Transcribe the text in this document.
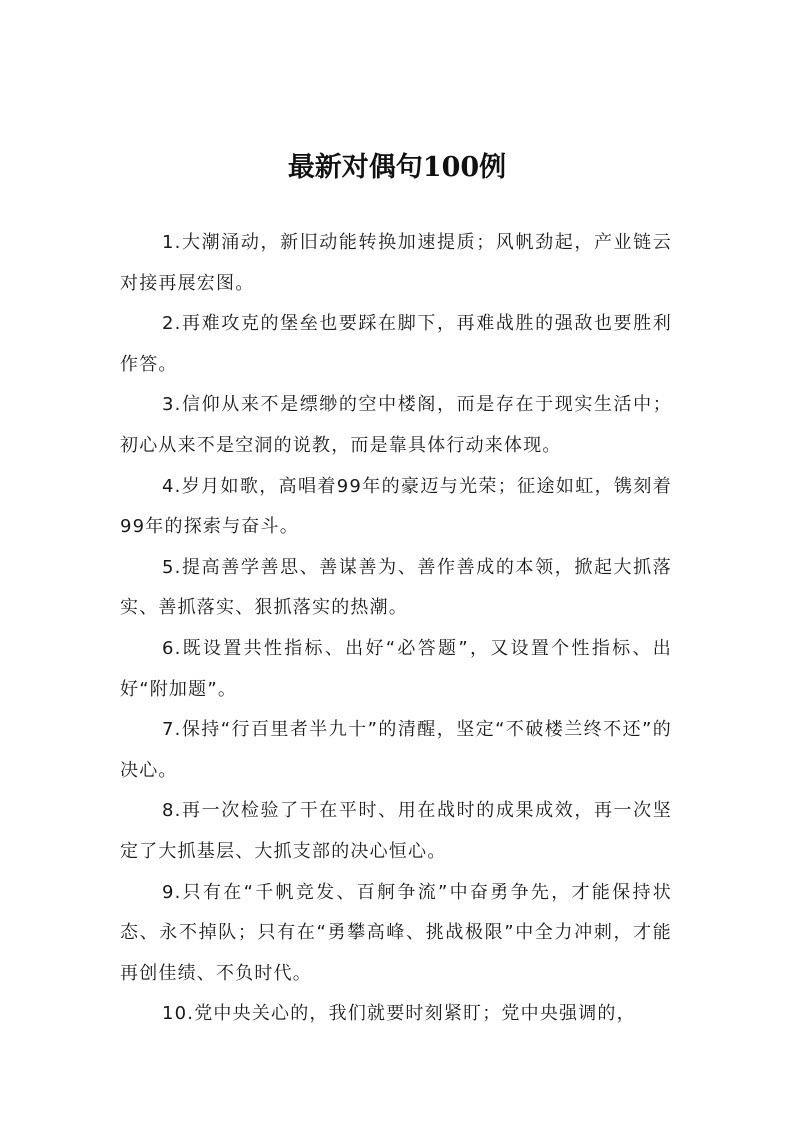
最新对偶句100例

1.大潮涌动，新旧动能转换加速提质；风帆劲起，产业链云对接再展宏图。

2.再难攻克的堡垒也要踩在脚下，再难战胜的强敌也要胜利作答。

3.信仰从来不是缥缈的空中楼阁，而是存在于现实生活中；初心从来不是空洞的说教，而是靠具体行动来体现。

4.岁月如歌，高唱着99年的豪迈与光荣；征途如虹，镌刻着99年的探索与奋斗。

5.提高善学善思、善谋善为、善作善成的本领，掀起大抓落实、善抓落实、狠抓落实的热潮。

6.既设置共性指标、出好“必答题”，又设置个性指标、出好“附加题”。

7.保持“行百里者半九十”的清醒，坚定“不破楼兰终不还”的决心。

8.再一次检验了干在平时、用在战时的成果成效，再一次坚定了大抓基层、大抓支部的决心恒心。

9.只有在“千帆竞发、百舸争流”中奋勇争先，才能保持状态、永不掉队；只有在“勇攀高峰、挑战极限”中全力冲刺，才能再创佳绩、不负时代。

10.党中央关心的，我们就要时刻紧盯；党中央强调的，
